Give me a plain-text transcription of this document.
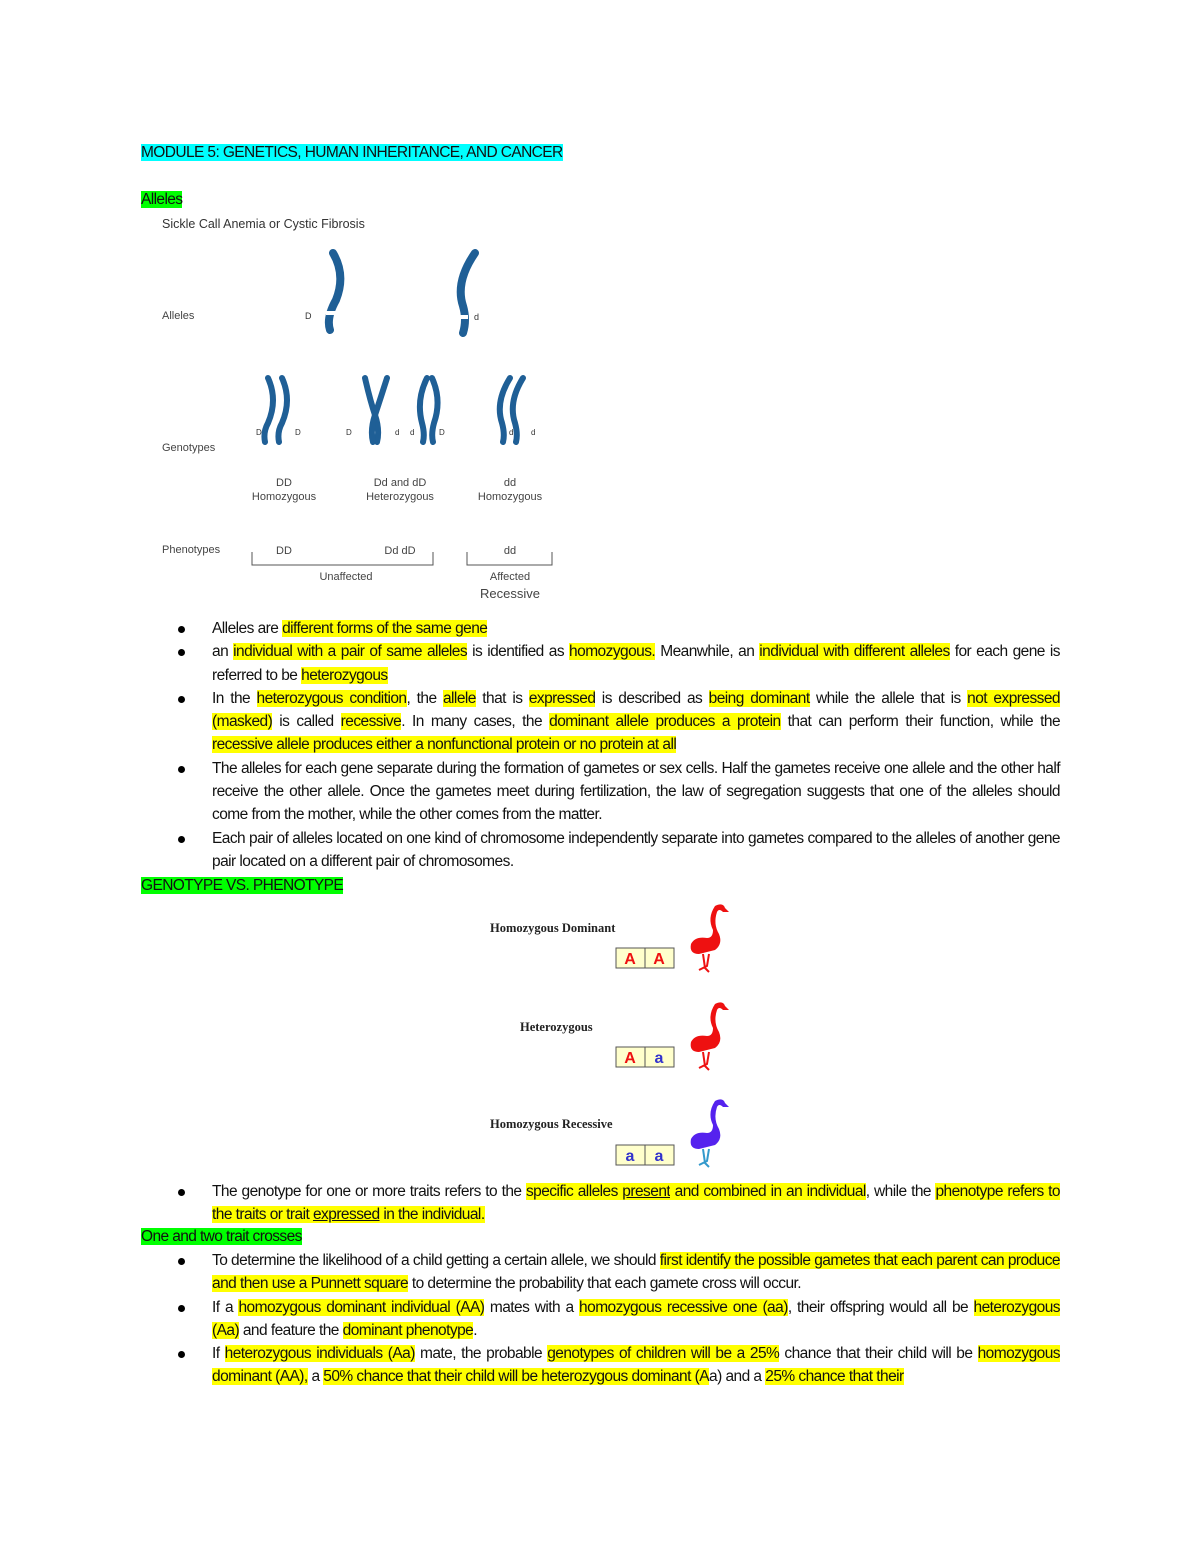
MODULE 5: GENETICS, HUMAN INHERITANCE, AND CANCER
Alleles
Sickle Call Anemia or Cystic Fibrosis
Alleles
Genotypes
Phenotypes
D	d
D	D	D	d d	D	d d
DD
Homozygous
Dd and dD
Heterozygous
dd
Homozygous
DD	Dd dD	dd
Unaffected	Affected
Recessive
Alleles are different forms of the same gene
an individual with a pair of same alleles is identified as homozygous. Meanwhile, an individual with different alleles for each gene is referred to be heterozygous
In the heterozygous condition, the allele that is expressed is described as being dominant while the allele that is not expressed (masked) is called recessive. In many cases, the dominant allele produces a protein that can perform their function, while the recessive allele produces either a nonfunctional protein or no protein at all
The alleles for each gene separate during the formation of gametes or sex cells. Half the gametes receive one allele and the other half receive the other allele. Once the gametes meet during fertilization, the law of segregation suggests that one of the alleles should come from the mother, while the other comes from the matter.
Each pair of alleles located on one kind of chromosome independently separate into gametes compared to the alleles of another gene pair located on a different pair of chromosomes.
GENOTYPE VS. PHENOTYPE
Homozygous Dominant
Heterozygous
Homozygous Recessive
A A
A a
a a
The genotype for one or more traits refers to the specific alleles present and combined in an individual, while the phenotype refers to the traits or trait expressed in the individual.
One and two trait crosses
To determine the likelihood of a child getting a certain allele, we should first identify the possible gametes that each parent can produce and then use a Punnett square to determine the probability that each gamete cross will occur.
If a homozygous dominant individual (AA) mates with a homozygous recessive one (aa), their offspring would all be heterozygous (Aa) and feature the dominant phenotype.
If heterozygous individuals (Aa) mate, the probable genotypes of children will be a 25% chance that their child will be homozygous dominant (AA), a 50% chance that their child will be heterozygous dominant (Aa) and a 25% chance that their
